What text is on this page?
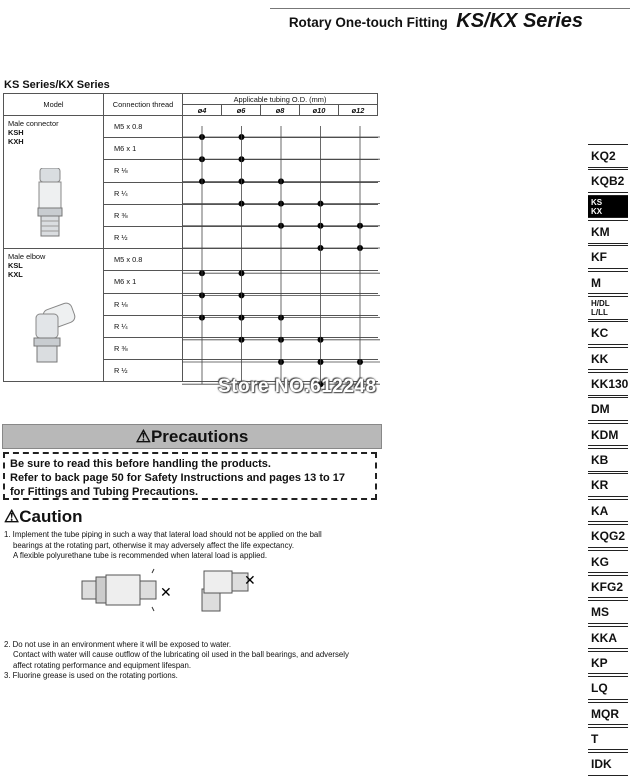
Rotary One-touch Fitting KS/KX Series
KS Series/KX Series
Model	Connection thread	Applicable tubing O.D. (mm)				
		ø4	ø6	ø8	ø10	ø12

Male connector
KSH
KXH	M5 x 0.8					
	M6 x 1					
	R ⅛					
	R ¼					
	R ⅜					
	R ½					

Male elbow
KSL
KXL	M5 x 0.8					
	M6 x 1					
	R ⅛					
	R ¼					
	R ⅜					
	R ½					
Store NO.612248
⚠Precautions
Be sure to read this before handling the products.
Refer to back page 50 for Safety Instructions and pages 13 to 17
for Fittings and Tubing Precautions.
⚠Caution

1. Implement the tube piping in such a way that lateral load should not be applied on the ball

bearings at the rotating part, otherwise it may adversely affect the life expectancy.

A flexible polyurethane tube is recommended when lateral load is applied.

2. Do not use in an environment where it will be exposed to water.

Contact with water will cause outflow of the lubricating oil used in the ball bearings, and adversely

affect rotating performance and equipment lifespan.

3. Fluorine grease is used on the rotating portions.

✕
✕
KQ2
KQB2
KS
KX
KM
KF
M
H/DL
L/LL
KC
KK
KK130
DM
KDM
KB
KR
KA
KQG2
KG
KFG2
MS
KKA
KP
LQ
MQR
T
IDK
